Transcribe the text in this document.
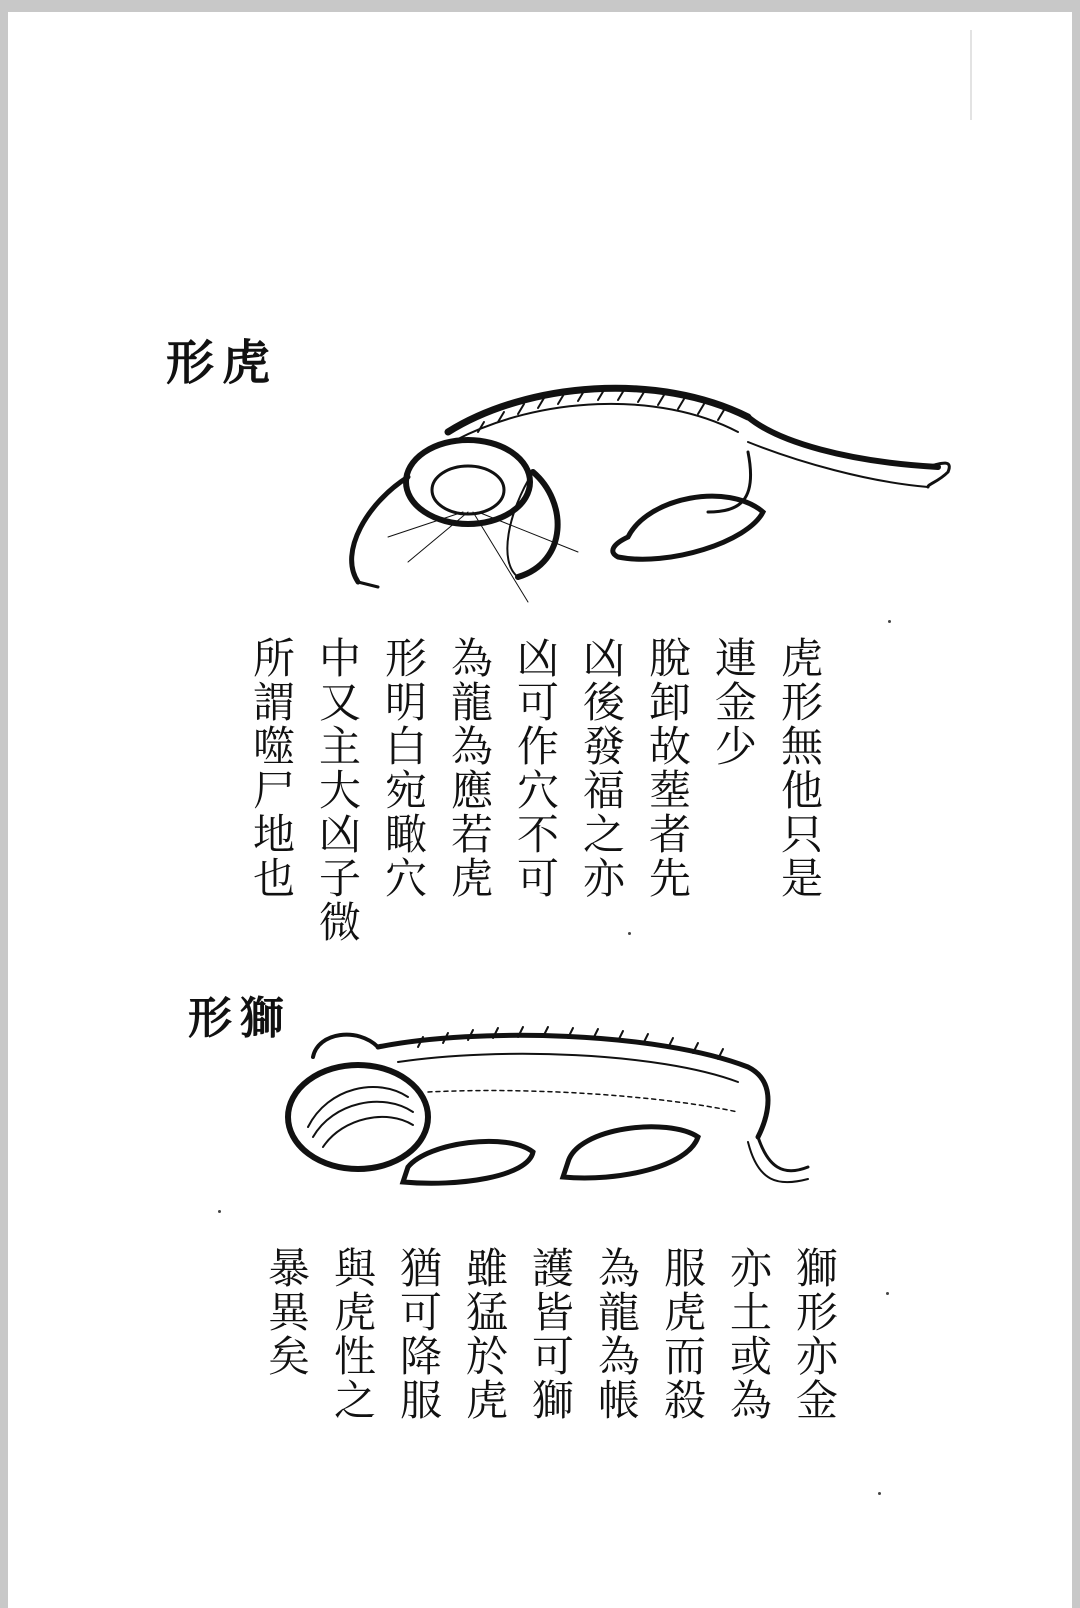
形虎
虎形無他只是
連金少
脫卸故塟者先
凶後發福之亦
凶可作穴不可
為龍為應若虎
形明白宛瞰穴
中又主大凶子微
所謂噬尸地也
形獅
獅形亦金
亦土或為
服虎而殺
為龍為帳
護皆可獅
雖猛於虎
猶可降服
與虎性之
暴異矣
